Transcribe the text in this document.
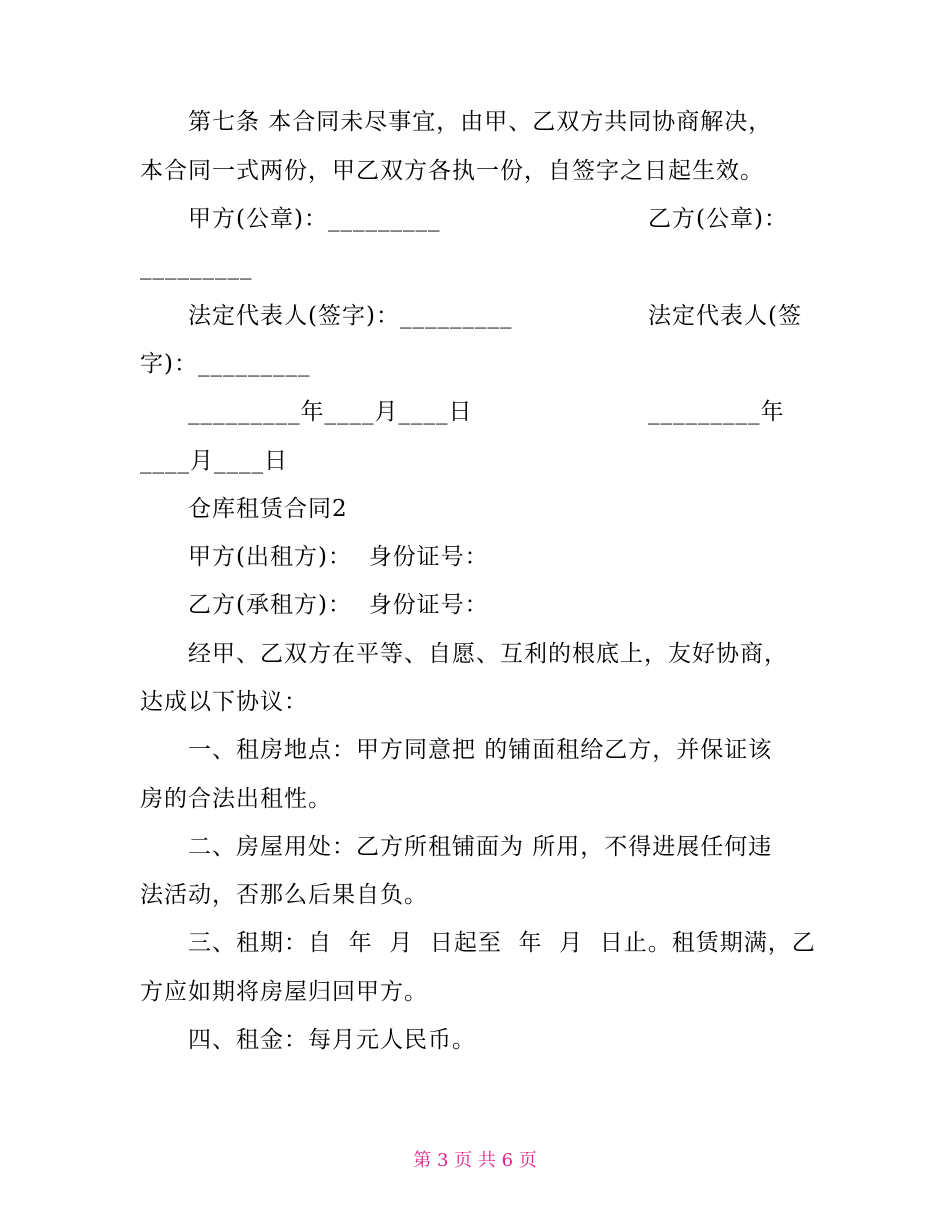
第七条 本合同未尽事宜，由甲、乙双方共同协商解决，
本合同一式两份，甲乙双方各执一份，自签字之日起生效。
甲方(公章)：_________	乙方(公章)：
_________
法定代表人(签字)：_________	法定代表人(签
字)：_________
_________年____月____日	_________年
____月____日
仓库租赁合同2
甲方(出租方)：  身份证号：
乙方(承租方)：  身份证号：
经甲、乙双方在平等、自愿、互利的根底上，友好协商，
达成以下协议：
一、租房地点：甲方同意把 的铺面租给乙方，并保证该
房的合法出租性。
二、房屋用处：乙方所租铺面为 所用，不得进展任何违
法活动，否那么后果自负。
三、租期：自  年  月  日起至  年  月  日止。租赁期满，乙
方应如期将房屋归回甲方。
四、租金：每月元人民币。
第 3 页 共 6 页
